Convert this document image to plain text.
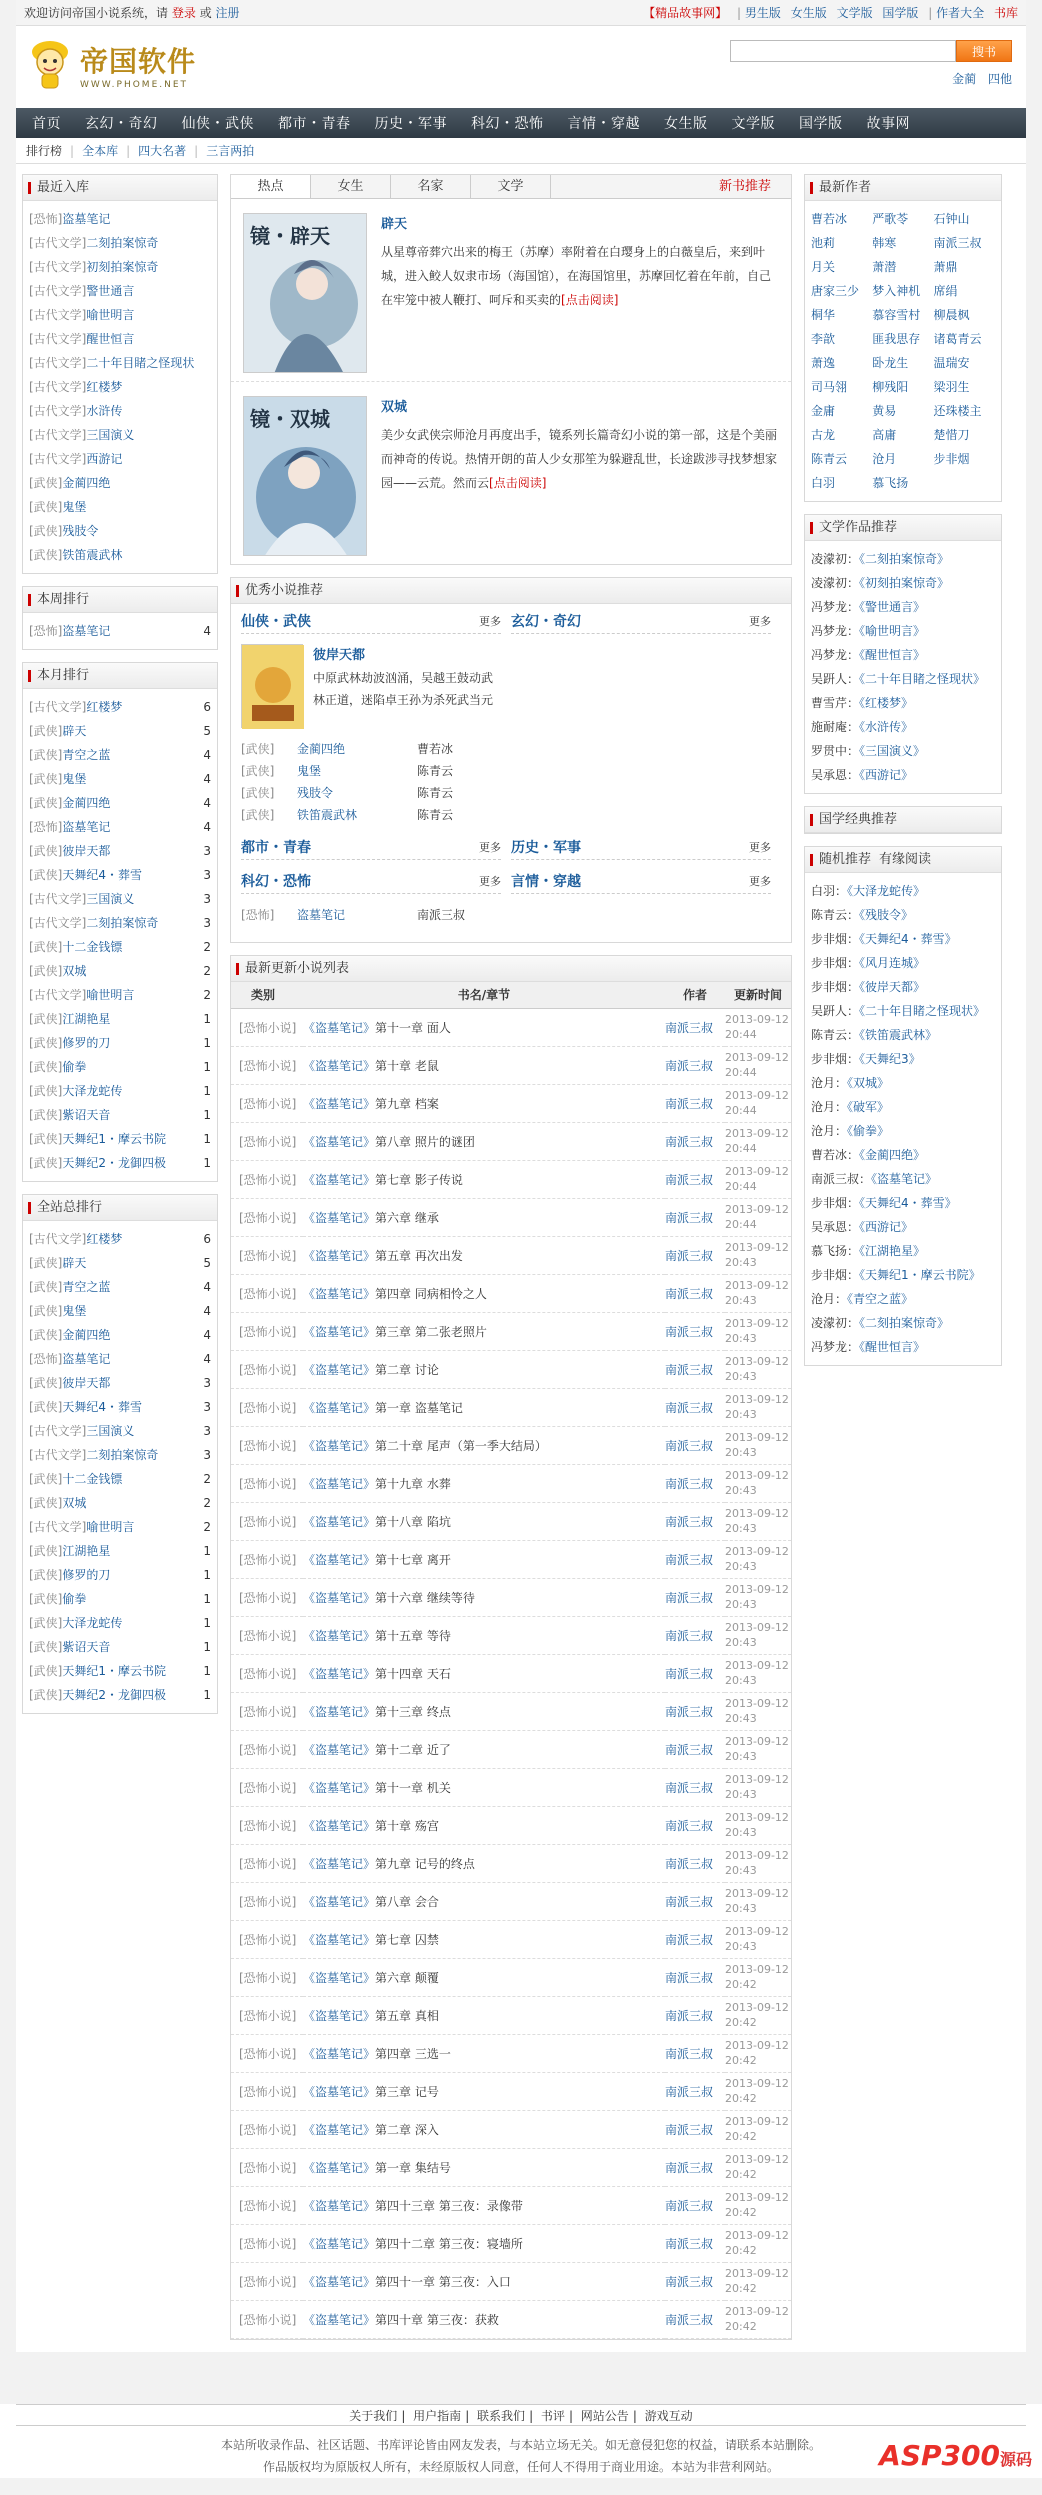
欢迎访问帝国小说系统，请 登录 或 注册	【精品故事网】 | 男生版 女生版 文学版 国学版 | 作者大全 书库
帝国软件
WWW.PHOME.NET
搜书
金蔺 四他
首页	玄幻・奇幻	仙侠・武侠	都市・青春	历史・军事	科幻・恐怖	言情・穿越	女生版	文学版	国学版	故事网
排行榜 | 全本库 | 四大名著 | 三言两拍
最近入库
[恐怖]盗墓笔记
[古代文学]二刻拍案惊奇
[古代文学]初刻拍案惊奇
[古代文学]警世通言
[古代文学]喻世明言
[古代文学]醒世恒言
[古代文学]二十年目睹之怪现状
[古代文学]红楼梦
[古代文学]水浒传
[古代文学]三国演义
[古代文学]西游记
[武侠]金蔺四绝
[武侠]鬼堡
[武侠]残肢令
[武侠]铁笛震武林
本周排行
[恐怖]盗墓笔记	4
本月排行
[古代文学]红楼梦	6
[武侠]辟天	5
[武侠]青空之蓝	4
[武侠]鬼堡	4
[武侠]金蔺四绝	4
[恐怖]盗墓笔记	4
[武侠]彼岸天都	3
[武侠]天舞纪4・葬雪	3
[古代文学]三国演义	3
[古代文学]二刻拍案惊奇	3
[武侠]十二金钱镖	2
[武侠]双城	2
[古代文学]喻世明言	2
[武侠]江湖艳星	1
[武侠]修罗的刀	1
[武侠]偷拳	1
[武侠]大泽龙蛇传	1
[武侠]紫诏天音	1
[武侠]天舞纪1・摩云书院	1
[武侠]天舞纪2・龙御四极	1
全站总排行
[古代文学]红楼梦	6
[武侠]辟天	5
[武侠]青空之蓝	4
[武侠]鬼堡	4
[武侠]金蔺四绝	4
[恐怖]盗墓笔记	4
[武侠]彼岸天都	3
[武侠]天舞纪4・葬雪	3
[古代文学]三国演义	3
[古代文学]二刻拍案惊奇	3
[武侠]十二金钱镖	2
[武侠]双城	2
[古代文学]喻世明言	2
[武侠]江湖艳星	1
[武侠]修罗的刀	1
[武侠]偷拳	1
[武侠]大泽龙蛇传	1
[武侠]紫诏天音	1
[武侠]天舞纪1・摩云书院	1
[武侠]天舞纪2・龙御四极	1
热点	女生	名家	文学	新书推荐
镜・辟天	辟天
从星尊帝葬穴出来的梅王（苏摩）率附着在白璎身上的白薇皇后，来到叶城，进入鲛人奴隶市场（海国馆），在海国馆里，苏摩回忆着在年前，自己在牢笼中被人鞭打、呵斥和买卖的[点击阅读]
镜・双城	双城
美少女武侠宗师沧月再度出手，镜系列长篇奇幻小说的第一部，这是个美丽而神奇的传说。热情开朗的苗人少女那笙为躲避乱世，长途跋涉寻找梦想家园——云荒。然而云[点击阅读]
优秀小说推荐
仙侠・武侠	更多
彼岸天都
中原武林劫波汹涌，吴越王鼓动武林正道，迷陷卓王孙为杀死武当元
[武侠]	金蔺四绝	曹若冰
[武侠]	鬼堡	陈青云
[武侠]	残肢令	陈青云
[武侠]	铁笛震武林	陈青云
玄幻・奇幻	更多
都市・青春	更多 历史・军事	更多
科幻・恐怖	更多
[恐怖]	盗墓笔记	南派三叔
言情・穿越	更多
最新更新小说列表
类别	书名/章节	作者	更新时间
[恐怖小说]	《盗墓笔记》第十一章 面人	南派三叔	2013-09-12
20:44

[恐怖小说]	《盗墓笔记》第十章 老鼠	南派三叔	2013-09-12
20:44

[恐怖小说]	《盗墓笔记》第九章 档案	南派三叔	2013-09-12
20:44

[恐怖小说]	《盗墓笔记》第八章 照片的谜团	南派三叔	2013-09-12
20:44

[恐怖小说]	《盗墓笔记》第七章 影子传说	南派三叔	2013-09-12
20:44

[恐怖小说]	《盗墓笔记》第六章 继承	南派三叔	2013-09-12
20:44

[恐怖小说]	《盗墓笔记》第五章 再次出发	南派三叔	2013-09-12
20:43

[恐怖小说]	《盗墓笔记》第四章 同病相怜之人	南派三叔	2013-09-12
20:43

[恐怖小说]	《盗墓笔记》第三章 第二张老照片	南派三叔	2013-09-12
20:43

[恐怖小说]	《盗墓笔记》第二章 讨论	南派三叔	2013-09-12
20:43

[恐怖小说]	《盗墓笔记》第一章 盗墓笔记	南派三叔	2013-09-12
20:43

[恐怖小说]	《盗墓笔记》第二十章 尾声（第一季大结局）	南派三叔	2013-09-12
20:43

[恐怖小说]	《盗墓笔记》第十九章 水葬	南派三叔	2013-09-12
20:43

[恐怖小说]	《盗墓笔记》第十八章 陷坑	南派三叔	2013-09-12
20:43

[恐怖小说]	《盗墓笔记》第十七章 离开	南派三叔	2013-09-12
20:43

[恐怖小说]	《盗墓笔记》第十六章 继续等待	南派三叔	2013-09-12
20:43

[恐怖小说]	《盗墓笔记》第十五章 等待	南派三叔	2013-09-12
20:43

[恐怖小说]	《盗墓笔记》第十四章 天石	南派三叔	2013-09-12
20:43

[恐怖小说]	《盗墓笔记》第十三章 终点	南派三叔	2013-09-12
20:43

[恐怖小说]	《盗墓笔记》第十二章 近了	南派三叔	2013-09-12
20:43

[恐怖小说]	《盗墓笔记》第十一章 机关	南派三叔	2013-09-12
20:43

[恐怖小说]	《盗墓笔记》第十章 殇宫	南派三叔	2013-09-12
20:43

[恐怖小说]	《盗墓笔记》第九章 记号的终点	南派三叔	2013-09-12
20:43

[恐怖小说]	《盗墓笔记》第八章 会合	南派三叔	2013-09-12
20:43

[恐怖小说]	《盗墓笔记》第七章 囚禁	南派三叔	2013-09-12
20:43

[恐怖小说]	《盗墓笔记》第六章 颠覆	南派三叔	2013-09-12
20:42

[恐怖小说]	《盗墓笔记》第五章 真相	南派三叔	2013-09-12
20:42

[恐怖小说]	《盗墓笔记》第四章 三选一	南派三叔	2013-09-12
20:42

[恐怖小说]	《盗墓笔记》第三章 记号	南派三叔	2013-09-12
20:42

[恐怖小说]	《盗墓笔记》第二章 深入	南派三叔	2013-09-12
20:42

[恐怖小说]	《盗墓笔记》第一章 集结号	南派三叔	2013-09-12
20:42

[恐怖小说]	《盗墓笔记》第四十三章 第三夜：录像带	南派三叔	2013-09-12
20:42

[恐怖小说]	《盗墓笔记》第四十二章 第三夜：寝墙所	南派三叔	2013-09-12
20:42

[恐怖小说]	《盗墓笔记》第四十一章 第三夜：入口	南派三叔	2013-09-12
20:42

[恐怖小说]	《盗墓笔记》第四十章 第三夜：获救	南派三叔	2013-09-12
20:42
最新作者
曹若冰	严歌苓	石钟山
池莉	韩寒	南派三叔
月关	萧潜	萧鼎
唐家三少	梦入神机	席绢
桐华	慕容雪村	柳晨枫
李歆	匪我思存	诸葛青云
萧逸	卧龙生	温瑞安
司马翎	柳残阳	梁羽生
金庸	黄易	还珠楼主
古龙	高庸	楚惜刀
陈青云	沧月	步非烟
白羽	慕飞扬
文学作品推荐
凌濛初：《二刻拍案惊奇》
凌濛初：《初刻拍案惊奇》
冯梦龙：《警世通言》
冯梦龙：《喻世明言》
冯梦龙：《醒世恒言》
吴趼人：《二十年目睹之怪现状》
曹雪芹：《红楼梦》
施耐庵：《水浒传》
罗贯中：《三国演义》
吴承恩：《西游记》
国学经典推荐
随机推荐 有缘阅读
白羽：《大泽龙蛇传》
陈青云：《残肢令》
步非烟：《天舞纪4・葬雪》
步非烟：《风月连城》
步非烟：《彼岸天都》
吴趼人：《二十年目睹之怪现状》
陈青云：《铁笛震武林》
步非烟：《天舞纪3》
沧月：《双城》
沧月：《破军》
沧月：《偷拳》
曹若冰：《金蔺四绝》
南派三叔：《盗墓笔记》
步非烟：《天舞纪4・葬雪》
吴承恩：《西游记》
慕飞扬：《江湖艳星》
步非烟：《天舞纪1・摩云书院》
沧月：《青空之蓝》
凌濛初：《二刻拍案惊奇》
冯梦龙：《醒世恒言》
关于我们 | 用户指南 | 联系我们 | 书评 | 网站公告 | 游戏互动
本站所收录作品、社区话题、书库评论皆由网友发表，与本站立场无关。如无意侵犯您的权益，请联系本站删除。
作品版权均为原版权人所有，未经原版权人同意，任何人不得用于商业用途。本站为非营利网站。	ASP300源码
